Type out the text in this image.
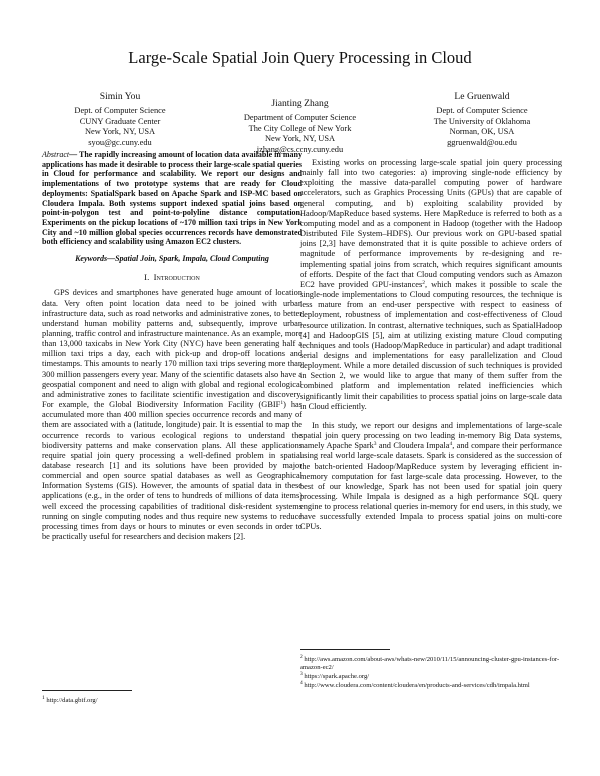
Large-Scale Spatial Join Query Processing in Cloud
Simin You
Dept. of Computer Science
CUNY Graduate Center
New York, NY, USA
syou@gc.cuny.edu
Jianting Zhang
Department of Computer Science
The City College of New York
New York, NY, USA
jzhang@cs.ccny.cuny.edu
Le Gruenwald
Dept. of Computer Science
The University of Oklahoma
Norman, OK, USA
ggruenwald@ou.edu
Abstract— The rapidly increasing amount of location data available in many applications has made it desirable to process their large-scale spatial queries in Cloud for performance and scalability. We report our designs and implementations of two prototype systems that are ready for Cloud deployments: SpatialSpark based on Apache Spark and ISP-MC based on Cloudera Impala. Both systems support indexed spatial joins based on point-in-polygon test and point-to-polyline distance computation. Experiments on the pickup locations of ~170 million taxi trips in New York City and ~10 million global species occurrences records have demonstrated both efficiency and scalability using Amazon EC2 clusters.
Keywords—Spatial Join, Spark, Impala, Cloud Computing
I. Introduction

GPS devices and smartphones have generated huge amount of location data. Very often point location data need to be joined with urban infrastructure data, such as road networks and administrative zones, to better understand human mobility patterns and, subsequently, improve urban planning, traffic control and infrastructure maintenance. As an example, more than 13,000 taxicabs in New York City (NYC) have been generating half a million taxi trips a day, each with pick-up and drop-off locations and timestamps. This amounts to nearly 170 million taxi trips severing more than 300 million passengers every year. Many of the scientific datasets also have a geospatial component and need to align with global and regional ecological and administrative zones to facilitate scientific investigation and discovery. For example, the Global Biodiversity Information Facility (GBIF$^1$) has accumulated more than 400 million species occurrence records and many of them are associated with a (latitude, longitude) pair. It is essential to map the occurrence records to various ecological regions to understand the biodiversity patterns and make conservation plans. All these applications require spatial join query processing a well-defined problem in spatial database research [1] and its solutions have been provided by major commercial and open source spatial databases as well as Geographical Information Systems (GIS). However, the amounts of spatial data in these applications (e.g., in the order of tens to hundreds of millions of data items) well exceed the processing capabilities of traditional disk-resident systems running on single computing nodes and thus require new systems to reduce processing times from days or hours to minutes or even seconds in order to be practically useful for researchers and decision makers [2].

Existing works on processing large-scale spatial join query processing mainly fall into two categories: a) improving single-node efficiency by exploiting the massive data-parallel computing power of hardware accelerators, such as Graphics Processing Units (GPUs) that are capable of general computing, and b) exploiting scalability provided by Hadoop/MapReduce based systems. Here MapReduce is referred to both as a computing model and as a component in Hadoop (together with the Hadoop Distributed File System–HDFS). Our previous work on GPU-based spatial joins [2,3] have demonstrated that it is quite possible to achieve orders of magnitude of performance improvements by re-designing and re-implementing spatial joins from scratch, which requires significant amounts of efforts. Despite of the fact that Cloud computing vendors such as Amazon EC2 have provided GPU-instances$^2$, which makes it possible to scale the single-node implementations to Cloud computing resources, the technique is less mature from an end-user perspective with respect to easiness of deployment, robustness of implementation and cost-effectiveness of Cloud resource utilization. In contrast, alternative techniques, such as SpatialHadoop [4] and HadoopGIS [5], aim at utilizing existing mature Cloud computing techniques and tools (Hadoop/MapReduce in particular) and adapt traditional serial designs and implementations for easy parallelization and Cloud deployment. While a more detailed discussion of such techniques is provided in Section 2, we would like to argue that many of them suffer from the combined platform and implementation related inefficiencies which significantly limit their capabilities to process spatial joins on large-scale data in Cloud efficiently.

In this study, we report our designs and implementations of large-scale spatial join query processing on two leading in-memory Big Data systems, namely Apache Spark$^3$ and Cloudera Impala$^4$, and compare their performance using real world large-scale datasets. Spark is considered as the succession of the batch-oriented Hadoop/MapReduce system by leveraging efficient in-memory computation for fast large-scale data processing. However, to the best of our knowledge, Spark has not been used for spatial join query processing. While Impala is designed as a high performance SQL query engine to process relational queries in-memory for end users, in this study, we have successfully extended Impala to process spatial joins on multi-core CPUs.

$^1$ http://data.gbif.org/
$^2$ http://aws.amazon.com/about-aws/whats-new/2010/11/15/announcing-cluster-gpu-instances-for-amazon-ec2/
$^3$ https://spark.apache.org/
$^4$ http://www.cloudera.com/content/cloudera/en/products-and-services/cdh/impala.html
